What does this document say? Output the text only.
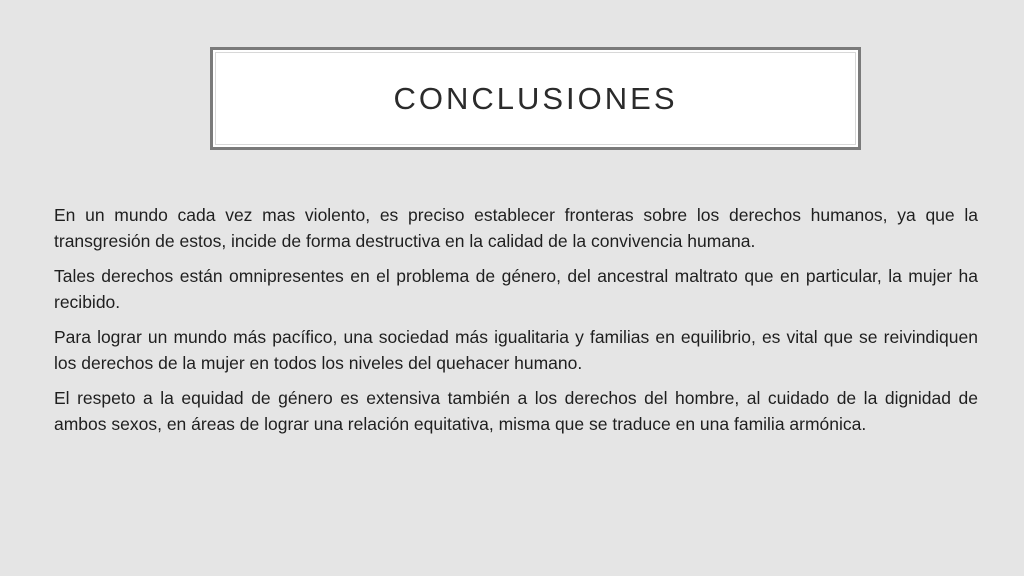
CONCLUSIONES

En un mundo cada vez mas violento, es preciso establecer fronteras sobre los derechos humanos, ya que la transgresión de estos, incide de forma destructiva en la calidad de la convivencia humana.

Tales derechos están omnipresentes en el problema de género, del ancestral maltrato que en particular, la mujer ha recibido.

Para lograr un mundo más pacífico, una sociedad más igualitaria y familias en equilibrio, es vital que se reivindiquen los derechos de la mujer en todos los niveles del quehacer humano.

El respeto a la equidad de género es extensiva también a los derechos del hombre, al cuidado de la dignidad de ambos sexos, en áreas de lograr una relación equitativa, misma que se traduce en una familia armónica.
